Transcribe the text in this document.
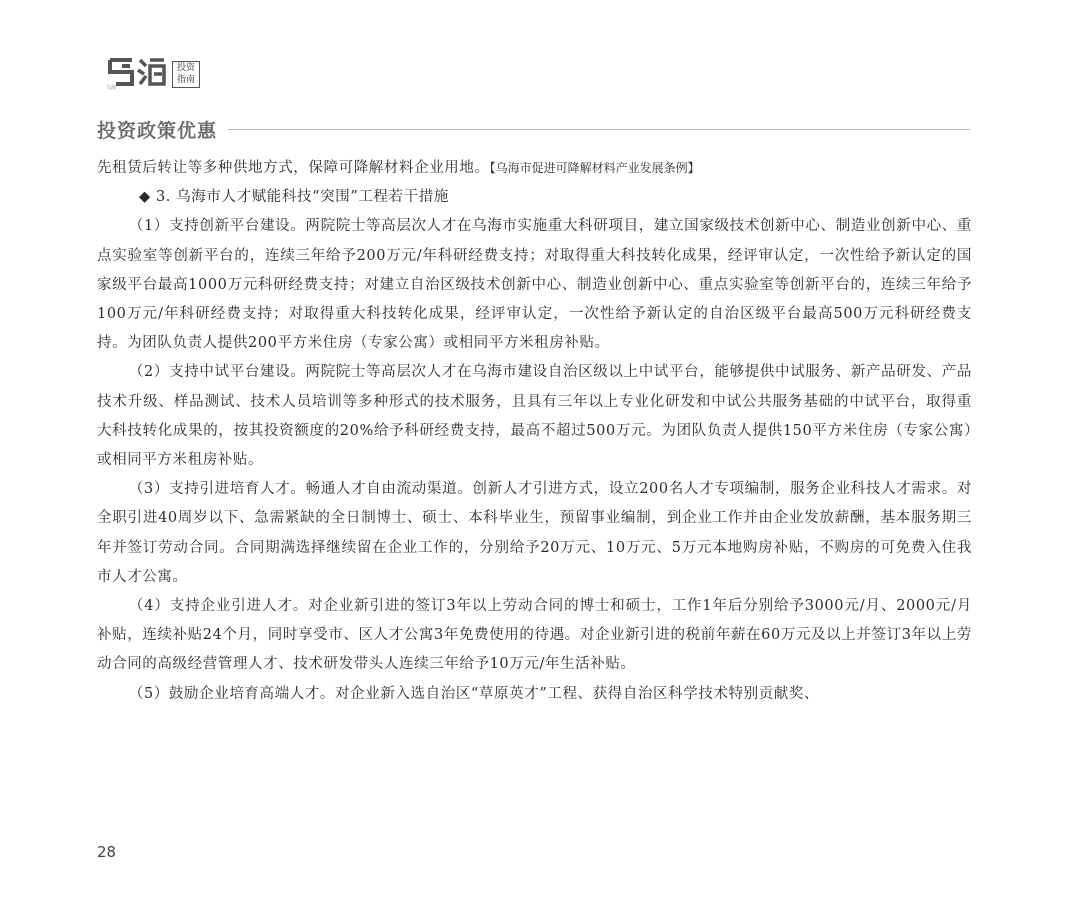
乌海
投资
指南
投资政策优惠

先租赁后转让等多种供地方式，保障可降解材料企业用地。【乌海市促进可降解材料产业发展条例】

◆ 3. 乌海市人才赋能科技“突围”工程若干措施

（1）支持创新平台建设。两院院士等高层次人才在乌海市实施重大科研项目，建立国家级技术创新中心、制造业创新中心、重点实验室等创新平台的，连续三年给予200万元/年科研经费支持；对取得重大科技转化成果，经评审认定，一次性给予新认定的国家级平台最高1000万元科研经费支持；对建立自治区级技术创新中心、制造业创新中心、重点实验室等创新平台的，连续三年给予100万元/年科研经费支持；对取得重大科技转化成果，经评审认定，一次性给予新认定的自治区级平台最高500万元科研经费支持。为团队负责人提供200平方米住房（专家公寓）或相同平方米租房补贴。

（2）支持中试平台建设。两院院士等高层次人才在乌海市建设自治区级以上中试平台，能够提供中试服务、新产品研发、产品技术升级、样品测试、技术人员培训等多种形式的技术服务，且具有三年以上专业化研发和中试公共服务基础的中试平台，取得重大科技转化成果的，按其投资额度的20%给予科研经费支持，最高不超过500万元。为团队负责人提供150平方米住房（专家公寓）或相同平方米租房补贴。

（3）支持引进培育人才。畅通人才自由流动渠道。创新人才引进方式，设立200名人才专项编制，服务企业科技人才需求。对全职引进40周岁以下、急需紧缺的全日制博士、硕士、本科毕业生，预留事业编制，到企业工作并由企业发放薪酬，基本服务期三年并签订劳动合同。合同期满选择继续留在企业工作的，分别给予20万元、10万元、5万元本地购房补贴，不购房的可免费入住我市人才公寓。

（4）支持企业引进人才。对企业新引进的签订3年以上劳动合同的博士和硕士，工作1年后分别给予3000元/月、2000元/月补贴，连续补贴24个月，同时享受市、区人才公寓3年免费使用的待遇。对企业新引进的税前年薪在60万元及以上并签订3年以上劳动合同的高级经营管理人才、技术研发带头人连续三年给予10万元/年生活补贴。

（5）鼓励企业培育高端人才。对企业新入选自治区“草原英才”工程、获得自治区科学技术特别贡献奖、

28
